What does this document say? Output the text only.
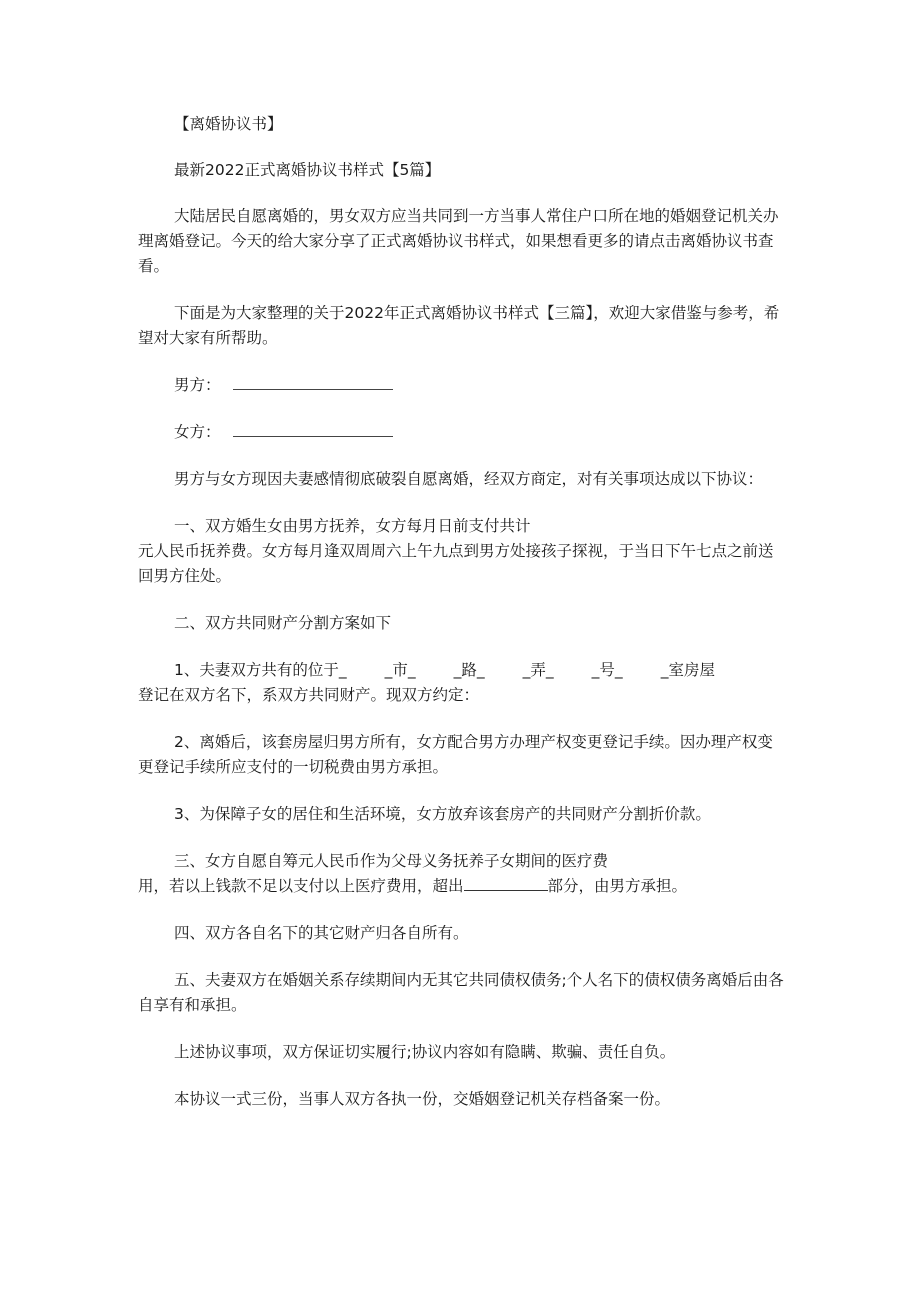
【离婚协议书】

最新2022正式离婚协议书样式【5篇】

大陆居民自愿离婚的，男女双方应当共同到一方当事人常住户口所在地的婚姻登记机关办理离婚登记。今天的给大家分享了正式离婚协议书样式，如果想看更多的请点击离婚协议书查看。

下面是为大家整理的关于2022年正式离婚协议书样式【三篇】，欢迎大家借鉴与参考，希望对大家有所帮助。

男方：

女方：

男方与女方现因夫妻感情彻底破裂自愿离婚，经双方商定，对有关事项达成以下协议：

一、双方婚生女由男方抚养，女方每月日前支付共计

元人民币抚养费。女方每月逢双周周六上午九点到男方处接孩子探视，于当日下午七点之前送回男方住处。

二、双方共同财产分割方案如下

1、夫妻双方共有的位于_ _市_ _路_ _弄_ _号_ _室房屋

登记在双方名下，系双方共同财产。现双方约定：

2、离婚后，该套房屋归男方所有，女方配合男方办理产权变更登记手续。因办理产权变更登记手续所应支付的一切税费由男方承担。

3、为保障子女的居住和生活环境，女方放弃该套房产的共同财产分割折价款。

三、女方自愿自筹元人民币作为父母义务抚养子女期间的医疗费

用，若以上钱款不足以支付以上医疗费用，超出	部分，由男方承担。

四、双方各自名下的其它财产归各自所有。

五、夫妻双方在婚姻关系存续期间内无其它共同债权债务;个人名下的债权债务离婚后由各自享有和承担。

上述协议事项，双方保证切实履行;协议内容如有隐瞒、欺骗、责任自负。

本协议一式三份，当事人双方各执一份，交婚姻登记机关存档备案一份。
